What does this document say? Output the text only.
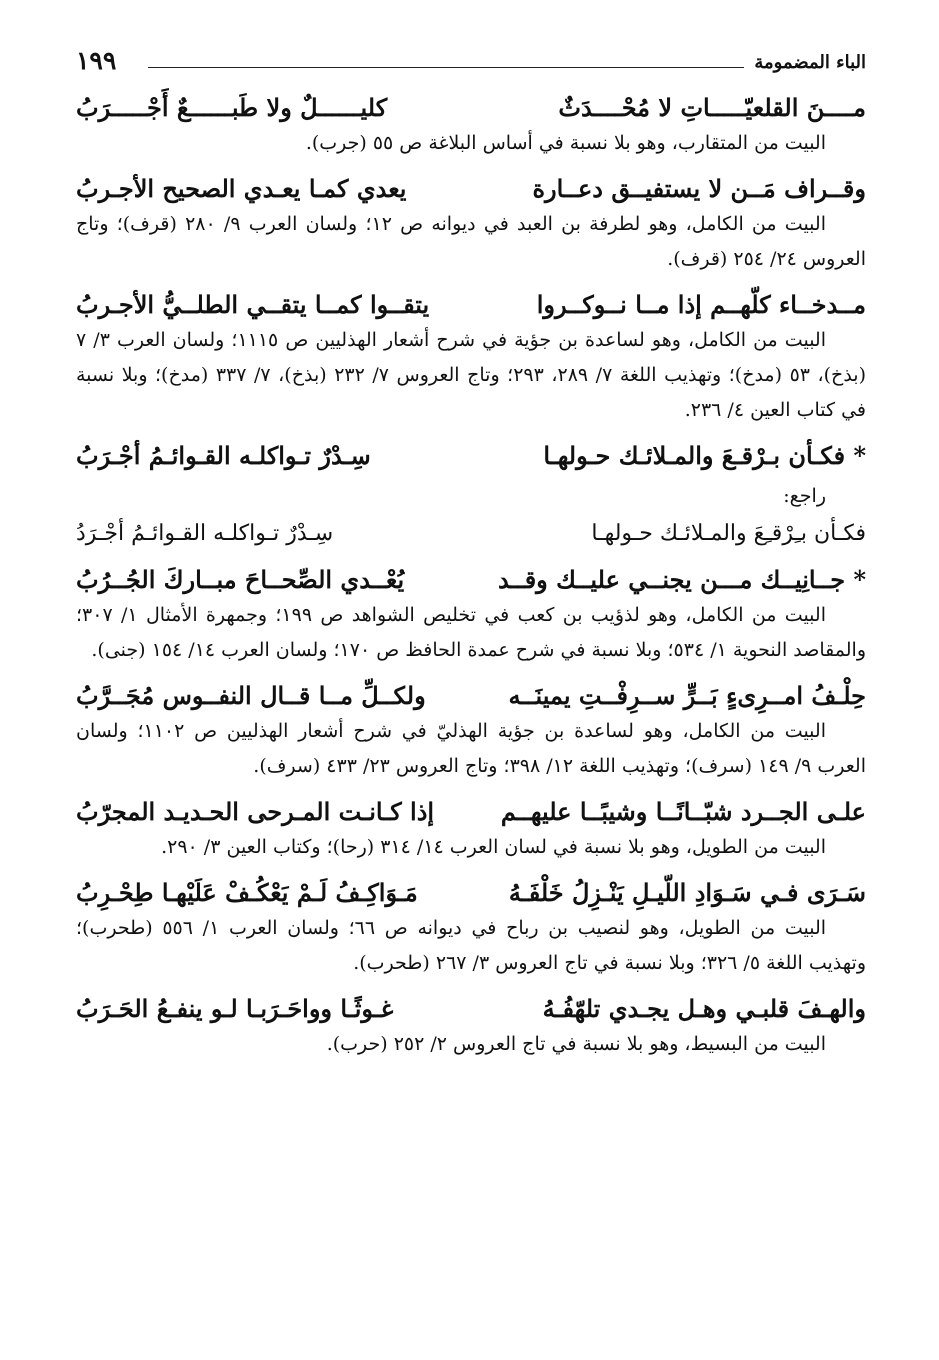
الباء المضمومة
١٩٩
مــــنَ القلعيّـــــاتِ لا مُحْــــدَثٌ
كليــــــلٌ ولا طَبــــــعٌ أَجْـــــرَبُ

البيت من المتقارب، وهو بلا نسبة في أساس البلاغة ص ٥٥ (جرب).

وقــراف مَــن لا يستفيــق دعــارة
يعدي كمـا يعـدي الصحيح الأجـربُ

البيت من الكامل، وهو لطرفة بن العبد في ديوانه ص ١٢؛ ولسان العرب ٩/ ٢٨٠ (قرف)؛ وتاج العروس ٢٤/ ٢٥٤ (قرف).

مــدخــاء كلّهــم إذا مــا نــوكــروا
يتقــوا كمــا يتقــي الطلــيُّ الأجـربُ

البيت من الكامل، وهو لساعدة بن جؤية في شرح أشعار الهذليين ص ١١١٥؛ ولسان العرب ٣/ ٧ (بذخ)، ٥٣ (مدخ)؛ وتهذيب اللغة ٧/ ٢٨٩، ٢٩٣؛ وتاج العروس ٧/ ٢٣٢ (بذخ)، ٧/ ٣٣٧ (مدخ)؛ وبلا نسبة في كتاب العين ٤/ ٢٣٦.

* فكـأن بـرْقـعَ والمـلائـك حـولهـا
سِـدْرٌ تـواكلـه القـوائـمُ أجْـرَبُ
راجع:
فكـأن بـِرْقـِعَ والمـلائـك حـولهـا
سِـدْرٌ تـواكلـه القـوائـمُ أجْـرَدُ
* جــانِيــك مـــن يجنــي عليــك وقــد
يُعْــدي الصِّحــاحَ مبــاركَ الجُــرُبُ

البيت من الكامل، وهو لذؤيب بن كعب في تخليص الشواهد ص ١٩٩؛ وجمهرة الأمثال ١/ ٣٠٧؛ والمقاصد النحوية ١/ ٥٣٤؛ وبلا نسبة في شرح عمدة الحافظ ص ١٧٠؛ ولسان العرب ١٤/ ١٥٤ (جنى).

حِلْـفُ امــرِىءٍ بَــرٍّ ســرِفْــتِ يمينَــه
ولكــلِّ مــا قــال النفــوس مُجَــرَّبُ

البيت من الكامل، وهو لساعدة بن جؤية الهذليّ في شرح أشعار الهذليين ص ١١٠٢؛ ولسان العرب ٩/ ١٤٩ (سرف)؛ وتهذيب اللغة ١٢/ ٣٩٨؛ وتاج العروس ٢٣/ ٤٣٣ (سرف).

علـى الجــرد شبّــانًــا وشيبًــا عليهــم
إذا كـانـت المـرحى الحـديـد المجرّبُ

البيت من الطويل، وهو بلا نسبة في لسان العرب ١٤/ ٣١٤ (رحا)؛ وكتاب العين ٣/ ٢٩٠.

سَـرَى فـي سَـوَادِ اللّيـلِ يَنْـزِلُ خَلْفَـهُ
مَـوَاكِـفُ لَـمْ يَعْكُـفْ عَلَيْهـا طِحْـرِبُ

البيت من الطويل، وهو لنصيب بن رباح في ديوانه ص ٦٦؛ ولسان العرب ١/ ٥٥٦ (طحرب)؛ وتهذيب اللغة ٥/ ٣٢٦؛ وبلا نسبة في تاج العروس ٣/ ٢٦٧ (طحرب).

والهـفَ قلبـي وهـل يجـدي تلهّفُـهُ
غـوثًـا وواحَـرَبـا لـو ينفـعُ الحَـرَبُ

البيت من البسيط، وهو بلا نسبة في تاج العروس ٢/ ٢٥٢ (حرب).
